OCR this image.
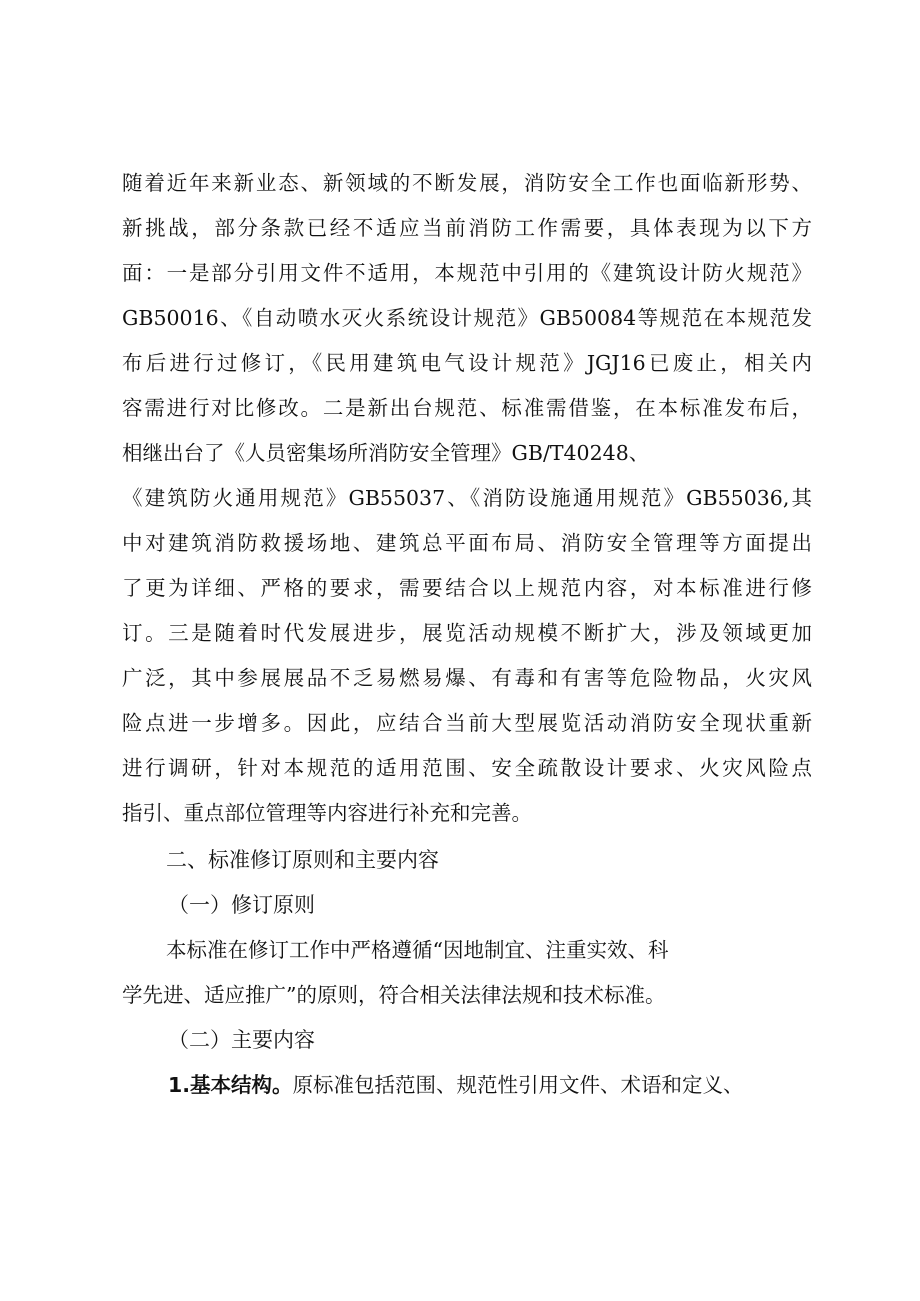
随着近年来新业态、新领域的不断发展，消防安全工作也面临新形势、
新挑战，部分条款已经不适应当前消防工作需要，具体表现为以下方
面：一是部分引用文件不适用，本规范中引用的《建筑设计防火规范》
GB50016、《自动喷水灭火系统设计规范》GB50084等规范在本规范发
布后进行过修订，《民用建筑电气设计规范》JGJ16已废止，相关内
容需进行对比修改。二是新出台规范、标准需借鉴，在本标准发布后，
相继出台了《人员密集场所消防安全管理》GB/T40248、
《建筑防火通用规范》GB55037、《消防设施通用规范》GB55036,其
中对建筑消防救援场地、建筑总平面布局、消防安全管理等方面提出
了更为详细、严格的要求，需要结合以上规范内容，对本标准进行修
订。三是随着时代发展进步，展览活动规模不断扩大，涉及领域更加
广泛，其中参展展品不乏易燃易爆、有毒和有害等危险物品，火灾风
险点进一步增多。因此，应结合当前大型展览活动消防安全现状重新
进行调研，针对本规范的适用范围、安全疏散设计要求、火灾风险点
指引、重点部位管理等内容进行补充和完善。
二、标准修订原则和主要内容
（一）修订原则
本标准在修订工作中严格遵循“因地制宜、注重实效、科
学先进、适应推广”的原则，符合相关法律法规和技术标准。
（二）主要内容
1.基本结构。原标准包括范围、规范性引用文件、术语和定义、
